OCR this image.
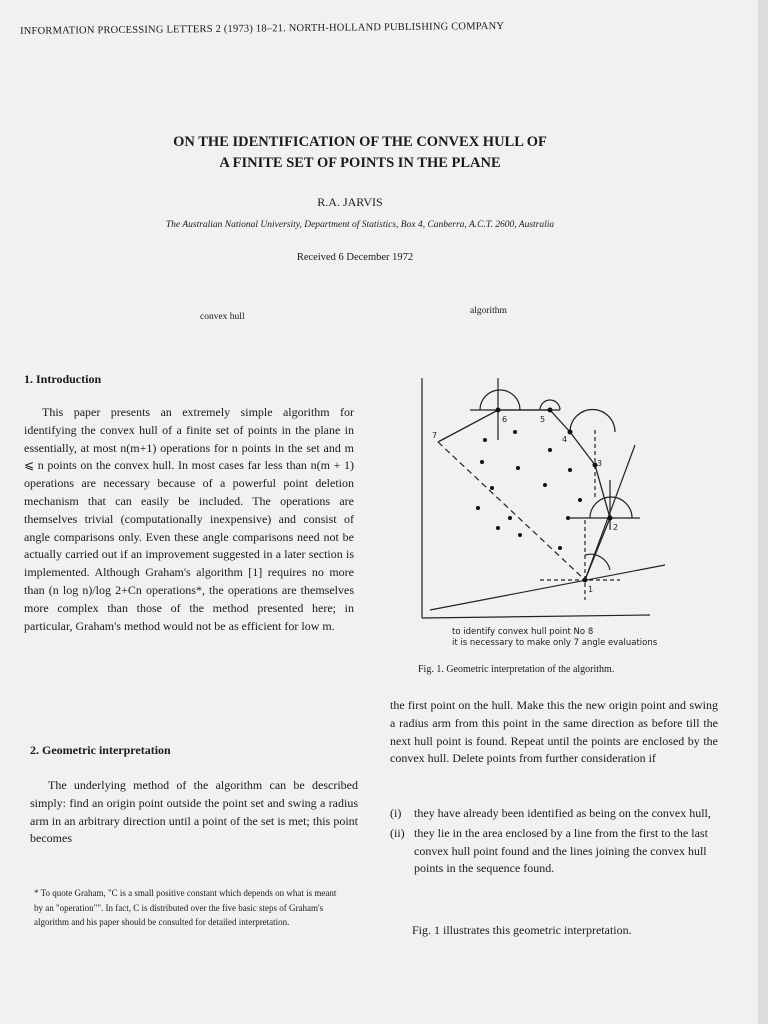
INFORMATION PROCESSING LETTERS 2 (1973) 18–21. NORTH-HOLLAND PUBLISHING COMPANY
ON THE IDENTIFICATION OF THE CONVEX HULL OF
A FINITE SET OF POINTS IN THE PLANE
R.A. JARVIS
The Australian National University, Department of Statistics, Box 4, Canberra, A.C.T. 2600, Australia
Received 6 December 1972
convex hull
algorithm
1. Introduction

This paper presents an extremely simple algorithm for identifying the convex hull of a finite set of points in the plane in essentially, at most n(m+1) operations for n points in the set and m ⩽ n points on the convex hull. In most cases far less than n(m + 1) operations are necessary because of a powerful point deletion mechanism that can easily be included. The operations are themselves trivial (computationally inexpensive) and consist of angle comparisons only. Even these angle comparisons need not be actually carried out if an improvement suggested in a later section is implemented. Although Graham's algorithm [1] requires no more than (n log n)/log 2+Cn operations*, the operations are themselves more complex than those of the method presented here; in particular, Graham's method would not be as efficient for low m.

2. Geometric interpretation

The underlying method of the algorithm can be described simply: find an origin point outside the point set and swing a radius arm in an arbitrary direction until a point of the set is met; this point becomes

* To quote Graham, "C is a small positive constant which depends on what is meant by an "operation"". In fact, C is distributed over the five basic steps of Graham's algorithm and his paper should be consulted for detailed interpretation.

7
6	5
4
3
2
1
to identify convex hull point No 8
it is necessary to make only 7 angle evaluations
Fig. 1. Geometric interpretation of the algorithm.

the first point on the hull. Make this the new origin point and swing a radius arm from this point in the same direction as before till the next hull point is found. Repeat until the points are enclosed by the convex hull. Delete points from further consideration if

(i) they have already been identified as being on the convex hull,
(ii) they lie in the area enclosed by a line from the first to the last convex hull point found and the lines joining the convex hull points in the sequence found.
Fig. 1 illustrates this geometric interpretation.
